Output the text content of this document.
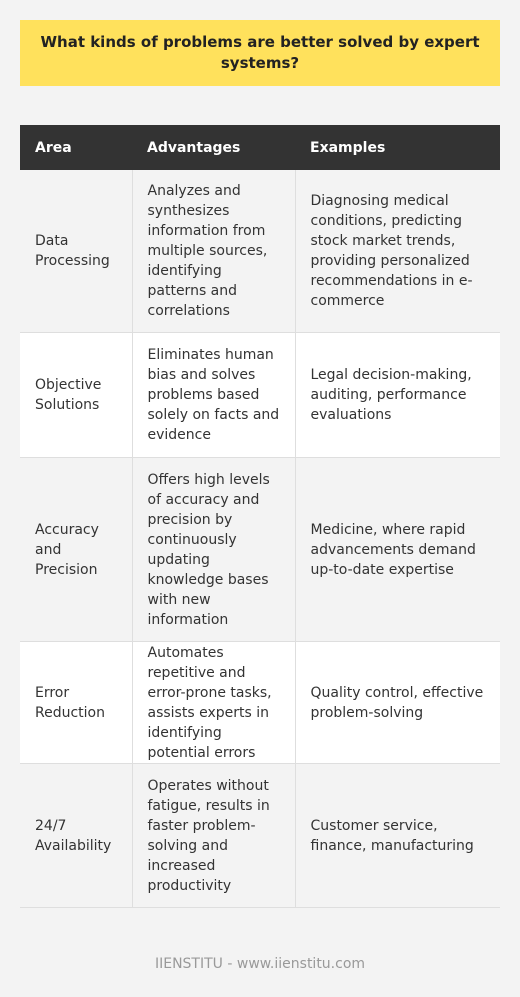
What kinds of problems are better solved by expert systems?
Area	Advantages	Examples
Data Processing	Analyzes and synthesizes information from multiple sources, identifying patterns and correlations	Diagnosing medical conditions, predicting stock market trends, providing personalized recommendations in e-commerce
Objective Solutions	Eliminates human bias and solves problems based solely on facts and evidence	Legal decision-making, auditing, performance evaluations
Accuracy and Precision	Offers high levels of accuracy and precision by continuously updating knowledge bases with new information	Medicine, where rapid advancements demand up-to-date expertise
Error Reduction	Automates repetitive and error-prone tasks, assists experts in identifying potential errors	Quality control, effective problem-solving
24/7 Availability	Operates without fatigue, results in faster problem-solving and increased productivity	Customer service, finance, manufacturing
IIENSTITU - www.iienstitu.com
